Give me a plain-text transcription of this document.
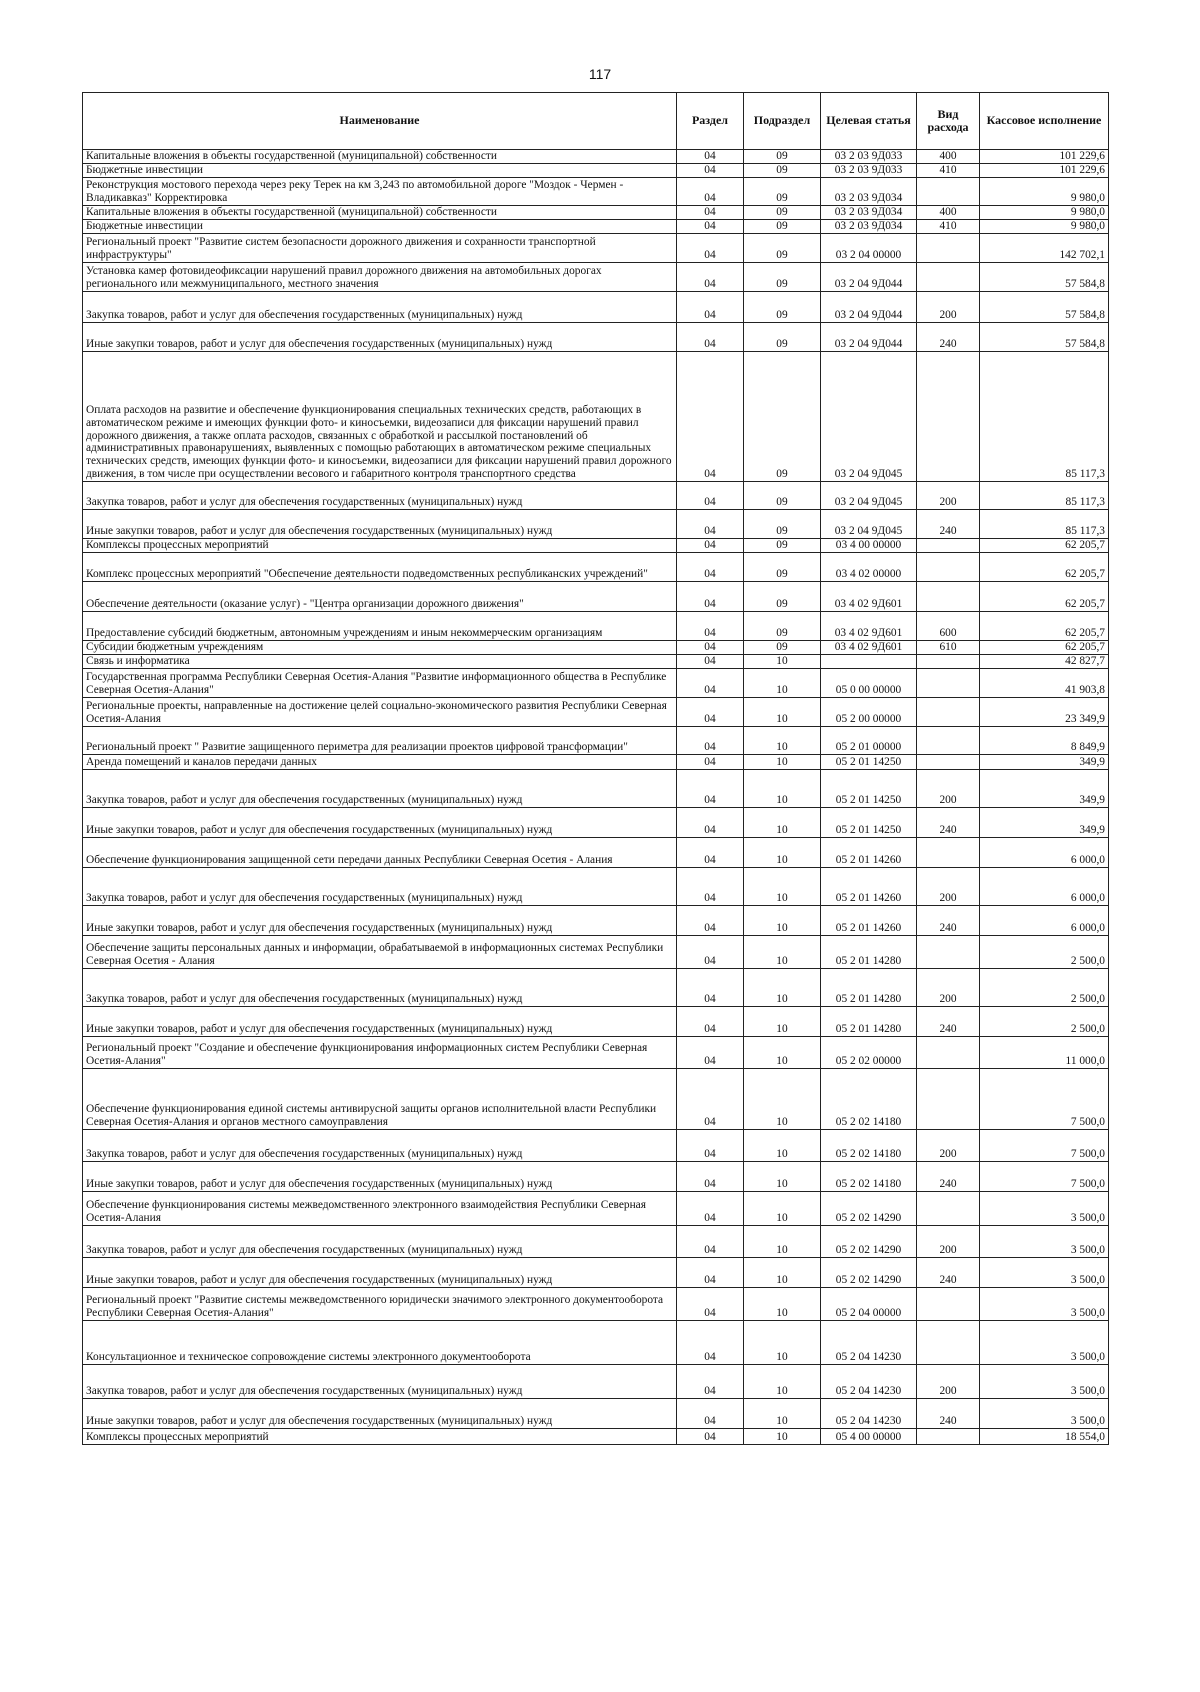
117
Наименование	Раздел	Подраздел	Целевая статья	Вид расхода	Кассовое исполнение
Капитальные вложения в объекты государственной (муниципальной) собственности	04	09	03 2 03 9Д033	400	101 229,6
Бюджетные инвестиции	04	09	03 2 03 9Д033	410	101 229,6
Реконструкция мостового перехода через реку Терек на км 3,243 по автомобильной дороге "Моздок - Чермен - Владикавказ" Корректировка	04	09	03 2 03 9Д034		9 980,0
Капитальные вложения в объекты государственной (муниципальной) собственности	04	09	03 2 03 9Д034	400	9 980,0
Бюджетные инвестиции	04	09	03 2 03 9Д034	410	9 980,0
Региональный проект "Развитие систем безопасности дорожного движения и сохранности транспортной инфраструктуры"	04	09	03 2 04 00000		142 702,1
Установка камер фотовидеофиксации нарушений правил дорожного движения на автомобильных дорогах регионального или межмуниципального, местного значения	04	09	03 2 04 9Д044		57 584,8
Закупка товаров, работ и услуг для обеспечения государственных (муниципальных) нужд	04	09	03 2 04 9Д044	200	57 584,8
Иные закупки товаров, работ и услуг для обеспечения государственных (муниципальных) нужд	04	09	03 2 04 9Д044	240	57 584,8
Оплата расходов на развитие и обеспечение функционирования специальных технических средств, работающих в автоматическом режиме и имеющих функции фото- и киносъемки, видеозаписи для фиксации нарушений правил дорожного движения, а также оплата расходов, связанных с обработкой и рассылкой постановлений об административных правонарушениях, выявленных с помощью работающих в автоматическом режиме специальных технических средств, имеющих функции фото- и киносъемки, видеозаписи для фиксации нарушений правил дорожного движения, в том числе при осуществлении весового и габаритного контроля транспортного средства	04	09	03 2 04 9Д045		85 117,3
Закупка товаров, работ и услуг для обеспечения государственных (муниципальных) нужд	04	09	03 2 04 9Д045	200	85 117,3
Иные закупки товаров, работ и услуг для обеспечения государственных (муниципальных) нужд	04	09	03 2 04 9Д045	240	85 117,3
Комплексы процессных мероприятий	04	09	03 4 00 00000		62 205,7
Комплекс процессных мероприятий "Обеспечение деятельности подведомственных республиканских учреждений"	04	09	03 4 02 00000		62 205,7
Обеспечение деятельности (оказание услуг) - "Центра организации дорожного движения"	04	09	03 4 02 9Д601		62 205,7
Предоставление субсидий бюджетным, автономным учреждениям и иным некоммерческим организациям	04	09	03 4 02 9Д601	600	62 205,7
Субсидии бюджетным учреждениям	04	09	03 4 02 9Д601	610	62 205,7
Связь и информатика	04	10			42 827,7
Государственная программа Республики Северная Осетия-Алания "Развитие информационного общества в Республике Северная Осетия-Алания"	04	10	05 0 00 00000		41 903,8
Региональные проекты, направленные на достижение целей социально-экономического развития Республики Северная Осетия-Алания	04	10	05 2 00 00000		23 349,9
Региональный проект " Развитие защищенного периметра для реализации проектов цифровой трансформации"	04	10	05 2 01 00000		8 849,9
Аренда помещений и каналов передачи данных	04	10	05 2 01 14250		349,9
Закупка товаров, работ и услуг для обеспечения государственных (муниципальных) нужд	04	10	05 2 01 14250	200	349,9
Иные закупки товаров, работ и услуг для обеспечения государственных (муниципальных) нужд	04	10	05 2 01 14250	240	349,9
Обеспечение функционирования защищенной сети передачи данных Республики Северная Осетия - Алания	04	10	05 2 01 14260		6 000,0
Закупка товаров, работ и услуг для обеспечения государственных (муниципальных) нужд	04	10	05 2 01 14260	200	6 000,0
Иные закупки товаров, работ и услуг для обеспечения государственных (муниципальных) нужд	04	10	05 2 01 14260	240	6 000,0
Обеспечение защиты персональных данных и информации, обрабатываемой в информационных системах Республики Северная Осетия - Алания	04	10	05 2 01 14280		2 500,0
Закупка товаров, работ и услуг для обеспечения государственных (муниципальных) нужд	04	10	05 2 01 14280	200	2 500,0
Иные закупки товаров, работ и услуг для обеспечения государственных (муниципальных) нужд	04	10	05 2 01 14280	240	2 500,0
Региональный проект "Создание и обеспечение функционирования информационных систем Республики Северная Осетия-Алания"	04	10	05 2 02 00000		11 000,0
Обеспечение функционирования единой системы антивирусной защиты органов исполнительной власти Республики Северная Осетия-Алания и органов местного самоуправления	04	10	05 2 02 14180		7 500,0
Закупка товаров, работ и услуг для обеспечения государственных (муниципальных) нужд	04	10	05 2 02 14180	200	7 500,0
Иные закупки товаров, работ и услуг для обеспечения государственных (муниципальных) нужд	04	10	05 2 02 14180	240	7 500,0
Обеспечение функционирования системы межведомственного электронного взаимодействия Республики Северная Осетия-Алания	04	10	05 2 02 14290		3 500,0
Закупка товаров, работ и услуг для обеспечения государственных (муниципальных) нужд	04	10	05 2 02 14290	200	3 500,0
Иные закупки товаров, работ и услуг для обеспечения государственных (муниципальных) нужд	04	10	05 2 02 14290	240	3 500,0
Региональный проект "Развитие системы межведомственного юридически значимого электронного документооборота Республики Северная Осетия-Алания"	04	10	05 2 04 00000		3 500,0
Консультационное и техническое сопровождение системы электронного документооборота	04	10	05 2 04 14230		3 500,0
Закупка товаров, работ и услуг для обеспечения государственных (муниципальных) нужд	04	10	05 2 04 14230	200	3 500,0
Иные закупки товаров, работ и услуг для обеспечения государственных (муниципальных) нужд	04	10	05 2 04 14230	240	3 500,0
Комплексы процессных мероприятий	04	10	05 4 00 00000		18 554,0
